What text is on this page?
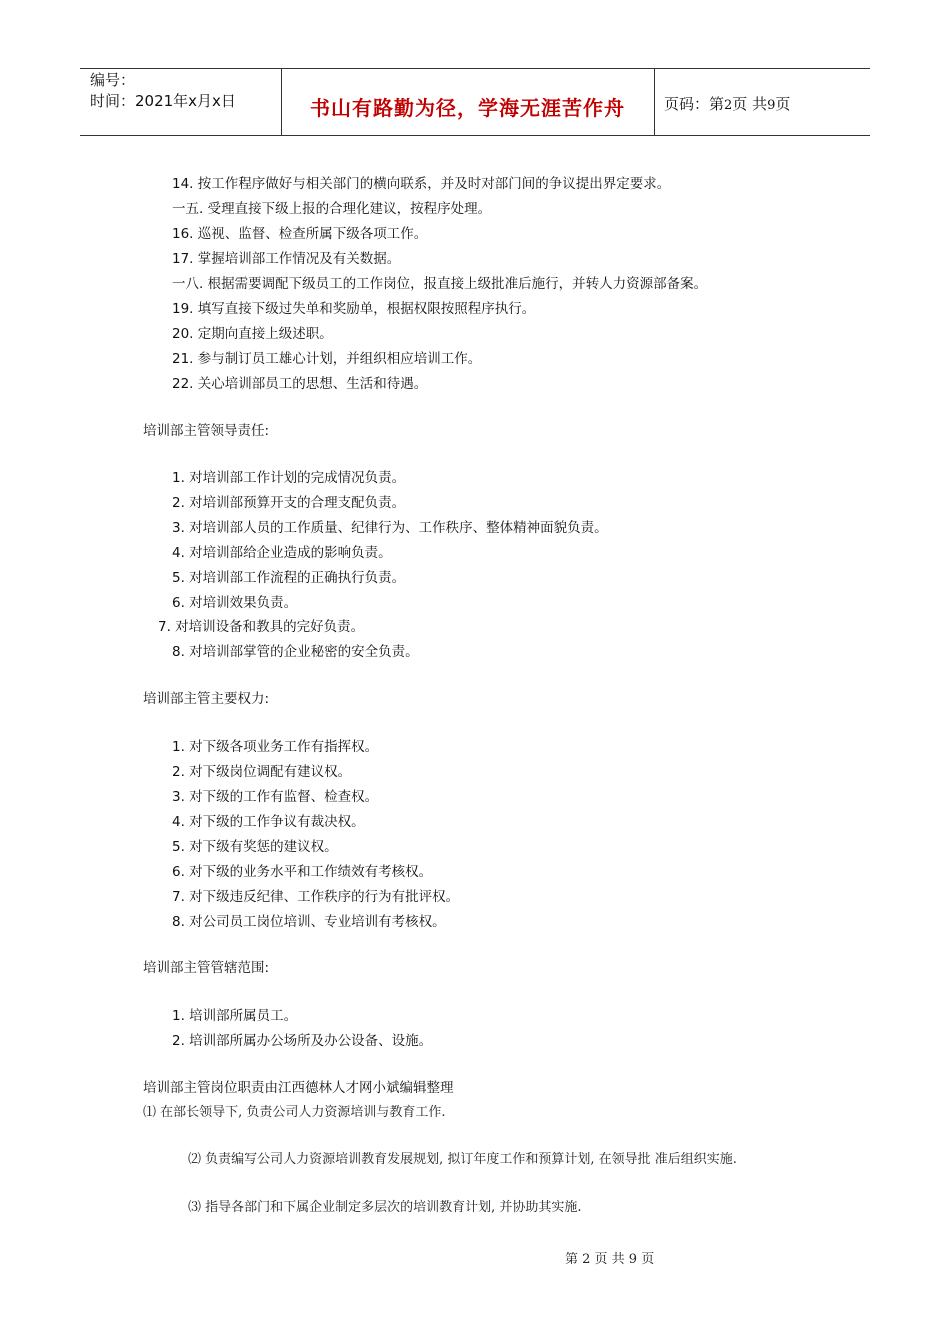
编号：
时间：2021年x月x日	书山有路勤为径，学海无涯苦作舟	页码：第2页 共9页
14. 按工作程序做好与相关部门的横向联系，并及时对部门间的争议提出界定要求。
一五. 受理直接下级上报的合理化建议，按程序处理。
16. 巡视、监督、检查所属下级各项工作。
17. 掌握培训部工作情况及有关数据。
一八. 根据需要调配下级员工的工作岗位，报直接上级批准后施行，并转人力资源部备案。
19. 填写直接下级过失单和奖励单，根据权限按照程序执行。
20. 定期向直接上级述职。
21. 参与制订员工雄心计划，并组织相应培训工作。
22. 关心培训部员工的思想、生活和待遇。
培训部主管领导责任:
1. 对培训部工作计划的完成情况负责。
2. 对培训部预算开支的合理支配负责。
3. 对培训部人员的工作质量、纪律行为、工作秩序、整体精神面貌负责。
4. 对培训部给企业造成的影响负责。
5. 对培训部工作流程的正确执行负责。
6. 对培训效果负责。
7. 对培训设备和教具的完好负责。
8. 对培训部掌管的企业秘密的安全负责。
培训部主管主要权力:
1. 对下级各项业务工作有指挥权。
2. 对下级岗位调配有建议权。
3. 对下级的工作有监督、检查权。
4. 对下级的工作争议有裁决权。
5. 对下级有奖惩的建议权。
6. 对下级的业务水平和工作绩效有考核权。
7. 对下级违反纪律、工作秩序的行为有批评权。
8. 对公司员工岗位培训、专业培训有考核权。
培训部主管管辖范围:
1. 培训部所属员工。
2. 培训部所属办公场所及办公设备、设施。
培训部主管岗位职责由江西德林人才网小斌编辑整理
⑴ 在部长领导下, 负责公司人力资源培训与教育工作.
⑵ 负责编写公司人力资源培训教育发展规划, 拟订年度工作和预算计划, 在领导批 准后组织实施.
⑶ 指导各部门和下属企业制定多层次的培训教育计划, 并协助其实施.
第 2 页 共 9 页
